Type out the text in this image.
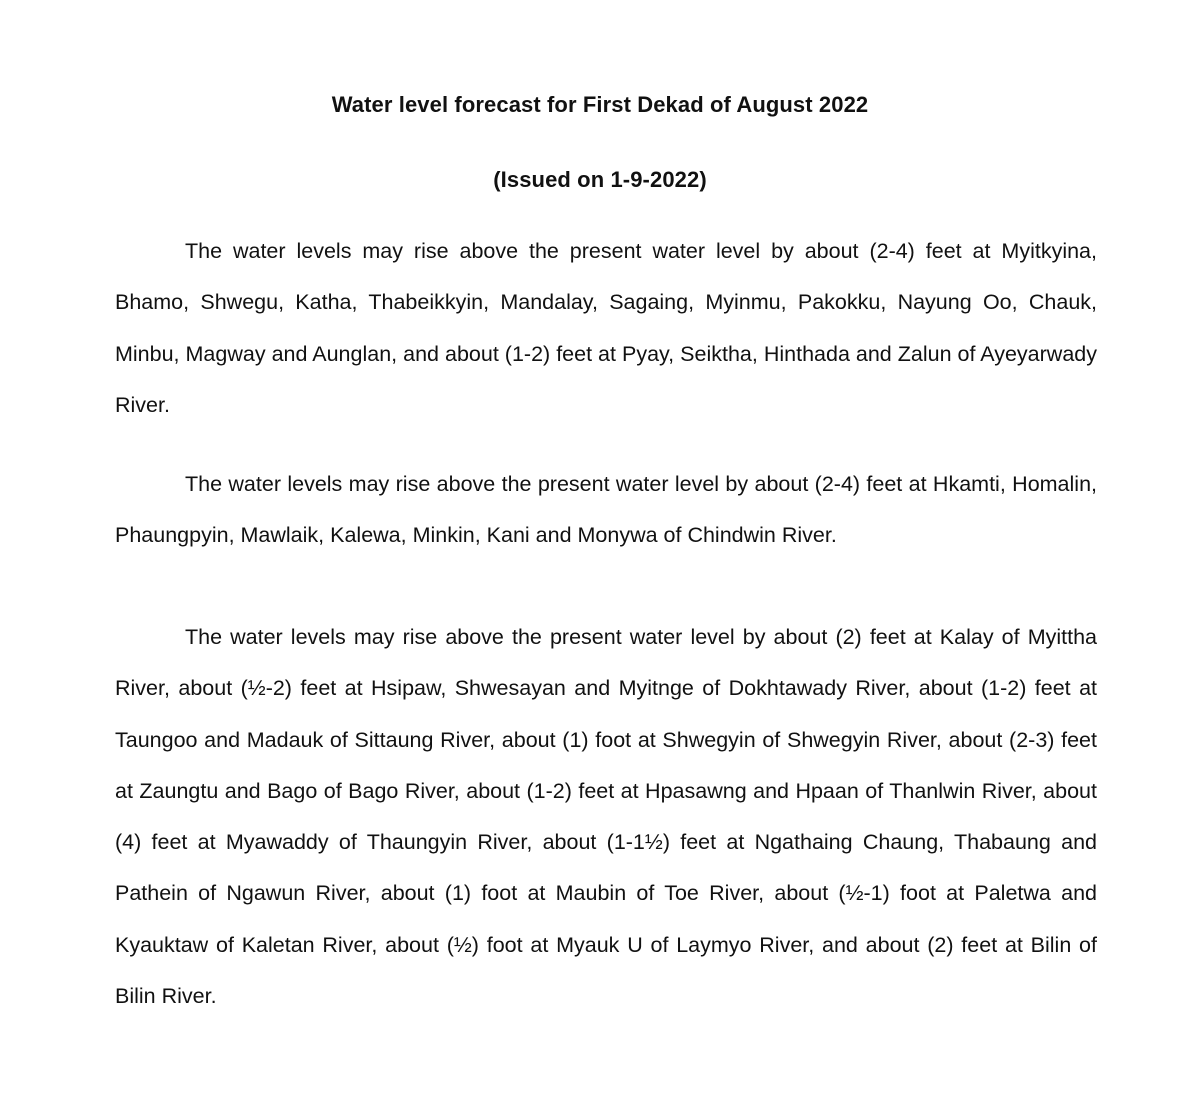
Water level forecast for First Dekad of August 2022
(Issued on 1-9-2022)

The water levels may rise above the present water level by about (2-4) feet at Myitkyina, Bhamo, Shwegu, Katha, Thabeikkyin, Mandalay, Sagaing, Myinmu, Pakokku, Nayung Oo, Chauk, Minbu, Magway and Aunglan, and about (1-2) feet at Pyay, Seiktha, Hinthada and Zalun of Ayeyarwady River.

The water levels may rise above the present water level by about (2-4) feet at Hkamti, Homalin, Phaungpyin, Mawlaik, Kalewa, Minkin, Kani and Monywa of Chindwin River.

The water levels may rise above the present water level by about (2) feet at Kalay of Myittha River, about (½-2) feet at Hsipaw, Shwesayan and Myitnge of Dokhtawady River, about (1-2) feet at Taungoo and Madauk of Sittaung River, about (1) foot at Shwegyin of Shwegyin River, about (2-3) feet at Zaungtu and Bago of Bago River, about (1-2) feet at Hpasawng and Hpaan of Thanlwin River, about (4) feet at Myawaddy of Thaungyin River, about (1-1½) feet at Ngathaing Chaung, Thabaung and Pathein of Ngawun River, about (1) foot at Maubin of Toe River, about (½-1) foot at Paletwa and Kyauktaw of Kaletan River, about (½) foot at Myauk U of Laymyo River, and about (2) feet at Bilin of Bilin River.
